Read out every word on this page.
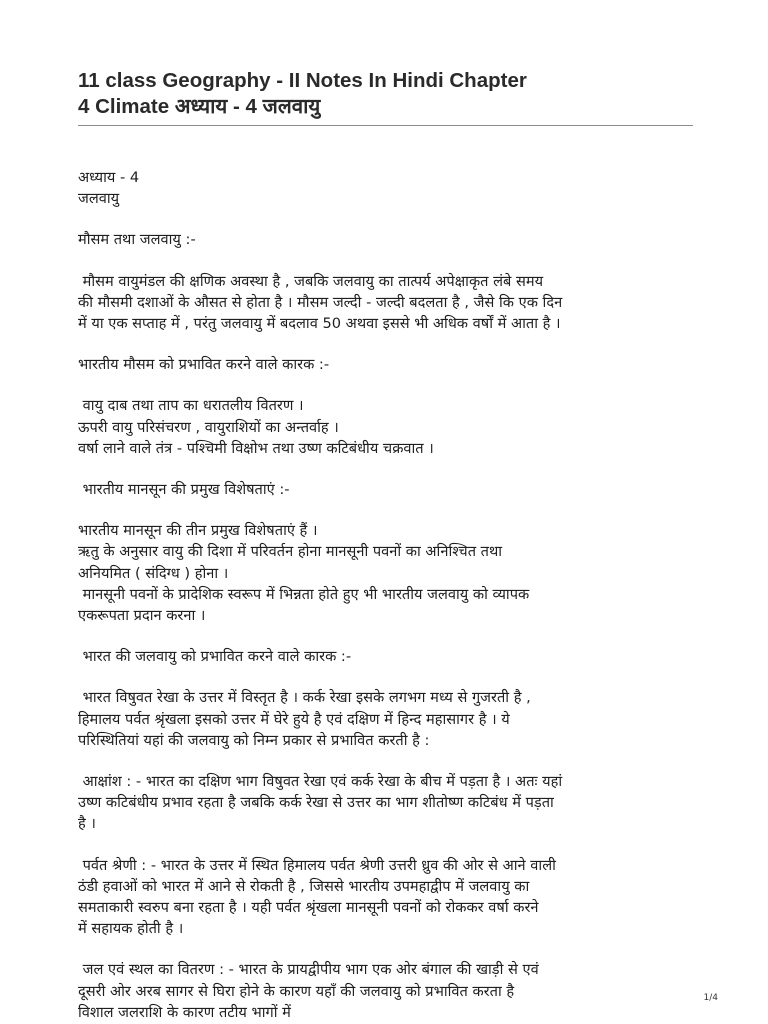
11 class Geography - II Notes In Hindi Chapter
4 Climate अध्याय - 4 जलवायु

अध्याय - 4

जलवायु

मौसम तथा जलवायु :-

मौसम वायुमंडल की क्षणिक अवस्था है , जबकि जलवायु का तात्पर्य अपेक्षाकृत लंबे समय

की मौसमी दशाओं के औसत से होता है । मौसम जल्दी - जल्दी बदलता है , जैसे कि एक दिन

में या एक सप्ताह में , परंतु जलवायु में बदलाव 50 अथवा इससे भी अधिक वर्षों में आता है ।

भारतीय मौसम को प्रभावित करने वाले कारक :-

वायु दाब तथा ताप का धरातलीय वितरण ।

ऊपरी वायु परिसंचरण , वायुराशियों का अन्तर्वाह ।

वर्षा लाने वाले तंत्र - पश्चिमी विक्षोभ तथा उष्ण कटिबंधीय चक्रवात ।

भारतीय मानसून की प्रमुख विशेषताएं :-

भारतीय मानसून की तीन प्रमुख विशेषताएं हैं ।

ऋतु के अनुसार वायु की दिशा में परिवर्तन होना मानसूनी पवनों का अनिश्चित तथा

अनियमित ( संदिग्ध ) होना ।

मानसूनी पवनों के प्रादेशिक स्वरूप में भिन्नता होते हुए भी भारतीय जलवायु को व्यापक

एकरूपता प्रदान करना ।

भारत की जलवायु को प्रभावित करने वाले कारक :-

भारत विषुवत रेखा के उत्तर में विस्तृत है । कर्क रेखा इसके लगभग मध्य से गुजरती है ,

हिमालय पर्वत श्रृंखला इसको उत्तर में घेरे हुये है एवं दक्षिण में हिन्द महासागर है । ये

परिस्थितियां यहां की जलवायु को निम्न प्रकार से प्रभावित करती है :

आक्षांश : - भारत का दक्षिण भाग विषुवत रेखा एवं कर्क रेखा के बीच में पड़ता है । अतः यहां

उष्ण कटिबंधीय प्रभाव रहता है जबकि कर्क रेखा से उत्तर का भाग शीतोष्ण कटिबंध में पड़ता

है ।

पर्वत श्रेणी : - भारत के उत्तर में स्थित हिमालय पर्वत श्रेणी उत्तरी ध्रुव की ओर से आने वाली

ठंडी हवाओं को भारत में आने से रोकती है , जिससे भारतीय उपमहाद्वीप में जलवायु का

समताकारी स्वरुप बना रहता है । यही पर्वत श्रृंखला मानसूनी पवनों को रोककर वर्षा करने

में सहायक होती है ।

जल एवं स्थल का वितरण : - भारत के प्रायद्वीपीय भाग एक ओर बंगाल की खाड़ी से एवं

दूसरी ओर अरब सागर से घिरा होने के कारण यहाँ की जलवायु को प्रभावित करता है

विशाल जलराशि के कारण तटीय भागों में

1/4
